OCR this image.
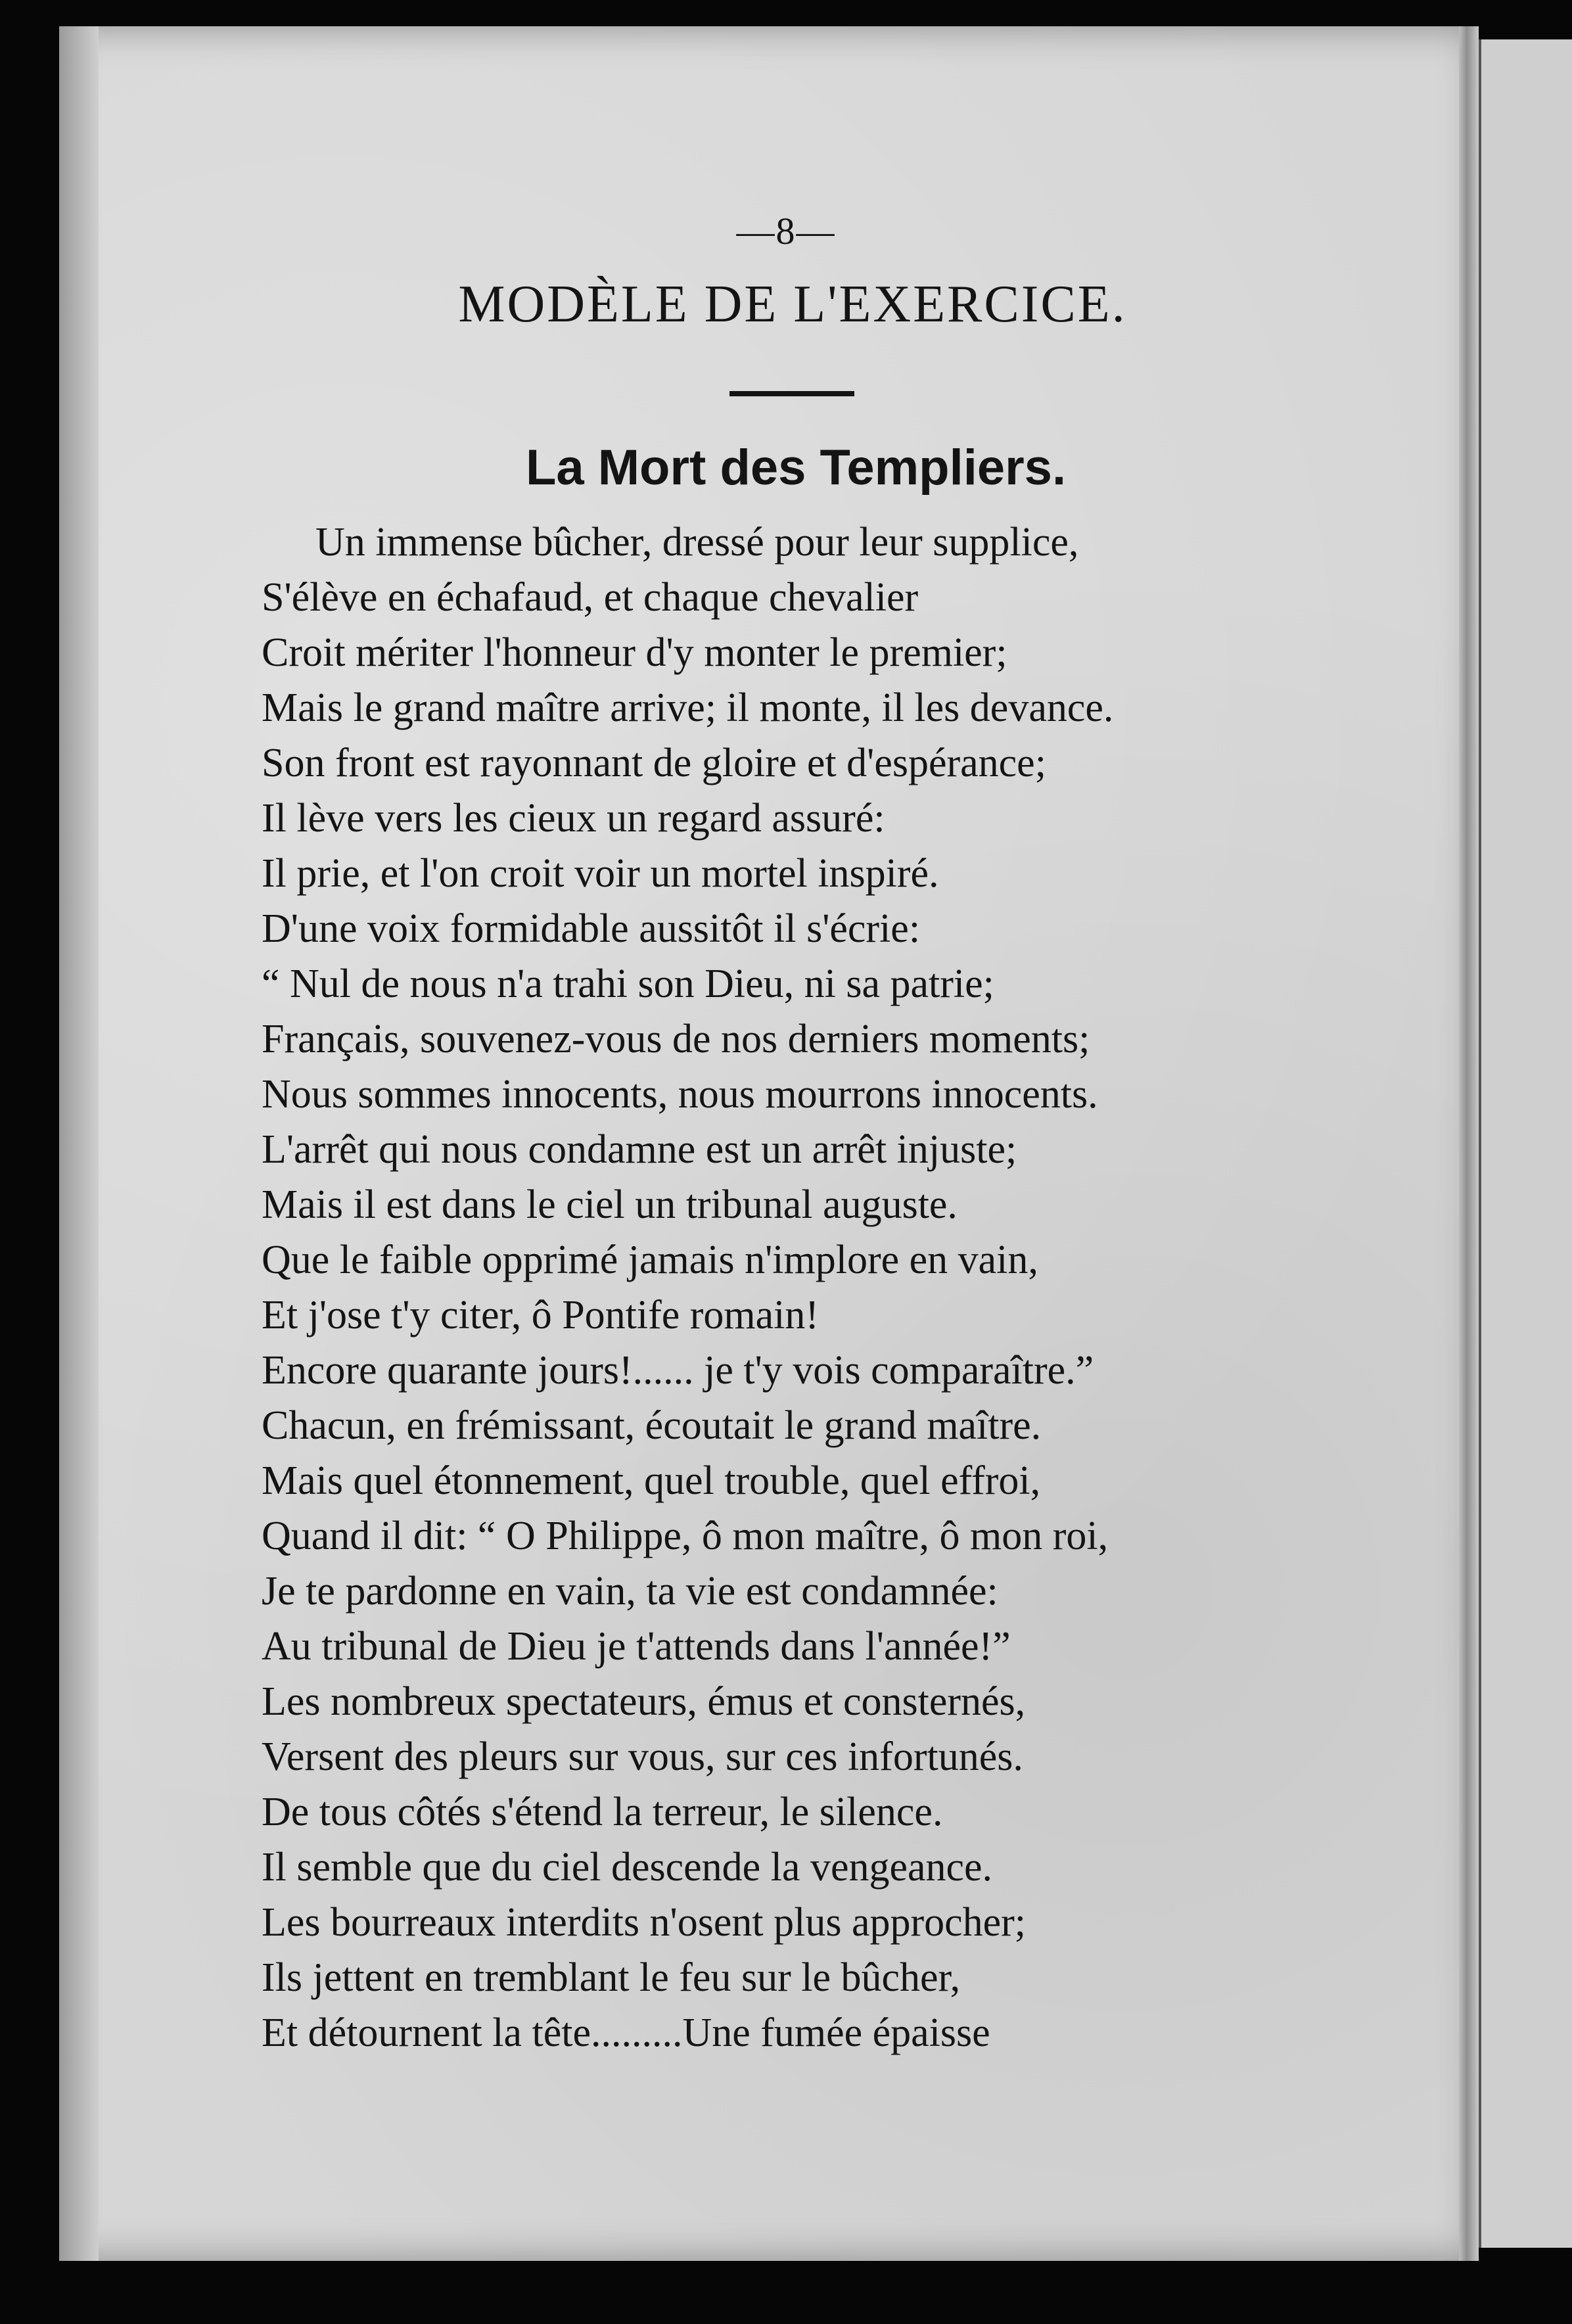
—8—
MODÈLE DE L'EXERCICE.
La Mort des Templiers.
Un immense bûcher, dressé pour leur supplice,
S'élève en échafaud, et chaque chevalier
Croit mériter l'honneur d'y monter le premier;
Mais le grand maître arrive; il monte, il les devance.
Son front est rayonnant de gloire et d'espérance;
Il lève vers les cieux un regard assuré:
Il prie, et l'on croit voir un mortel inspiré.
D'une voix formidable aussitôt il s'écrie:
“ Nul de nous n'a trahi son Dieu, ni sa patrie;
Français, souvenez-vous de nos derniers moments;
Nous sommes innocents, nous mourrons innocents.
L'arrêt qui nous condamne est un arrêt injuste;
Mais il est dans le ciel un tribunal auguste.
Que le faible opprimé jamais n'implore en vain,
Et j'ose t'y citer, ô Pontife romain!
Encore quarante jours!...... je t'y vois comparaître.”
Chacun, en frémissant, écoutait le grand maître.
Mais quel étonnement, quel trouble, quel effroi,
Quand il dit: “ O Philippe, ô mon maître, ô mon roi,
Je te pardonne en vain, ta vie est condamnée:
Au tribunal de Dieu je t'attends dans l'année!”
Les nombreux spectateurs, émus et consternés,
Versent des pleurs sur vous, sur ces infortunés.
De tous côtés s'étend la terreur, le silence.
Il semble que du ciel descende la vengeance.
Les bourreaux interdits n'osent plus approcher;
Ils jettent en tremblant le feu sur le bûcher,
Et détournent la tête.........Une fumée épaisse
